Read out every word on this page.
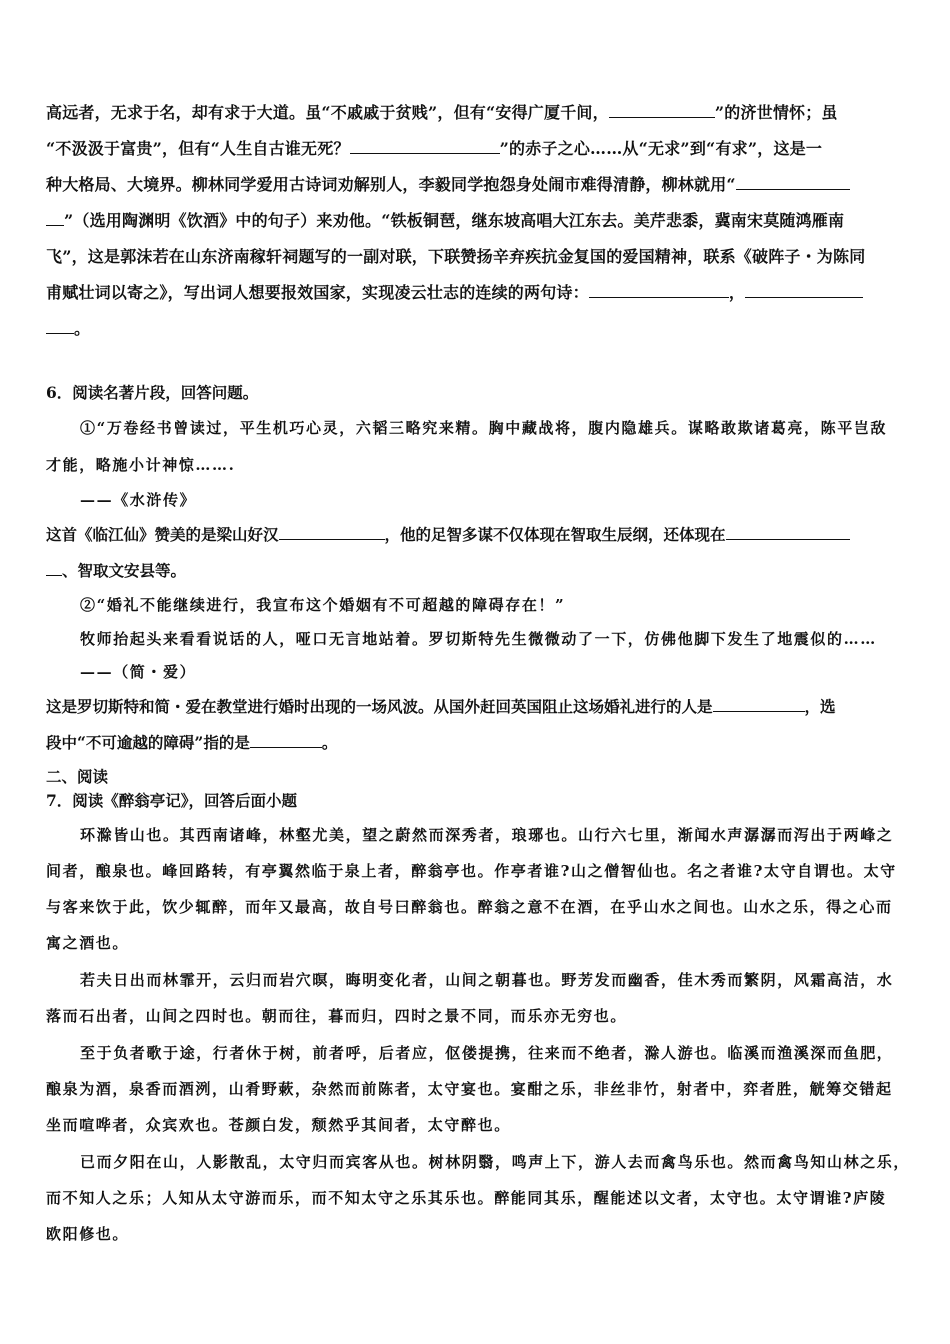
高远者，无求于名，却有求于大道。虽“不戚戚于贫贱”，但有“安得广厦千间，	”的济世情怀；虽
“不汲汲于富贵”，但有“人生自古谁无死？	”的赤子之心……从“无求”到“有求”，这是一
种大格局、大境界。柳林同学爱用古诗词劝解别人，李毅同学抱怨身处闹市难得清静，柳林就用“
”（选用陶渊明《饮酒》中的句子）来劝他。“铁板铜琶，继东坡高唱大江东去。美芹悲黍，冀南宋莫随鸿雁南
飞”，这是郭沫若在山东济南稼轩祠题写的一副对联，下联赞扬辛弃疾抗金复国的爱国精神，联系《破阵子・为陈同
甫赋壮词以寄之》，写出词人想要报效国家，实现凌云壮志的连续的两句诗：	，
。
6．阅读名著片段，回答问题。
①“万卷经书曾读过，平生机巧心灵，六韬三略究来精。胸中藏战将，腹内隐雄兵。谋略敢欺诸葛亮，陈平岂敌
才能，略施小计神惊…….
——《水浒传》
这首《临江仙》赞美的是梁山好汉	，他的足智多谋不仅体现在智取生辰纲，还体现在
、智取文安县等。
②“婚礼不能继续进行，我宣布这个婚姻有不可超越的障碍存在！”
牧师抬起头来看看说话的人，哑口无言地站着。罗切斯特先生微微动了一下，仿佛他脚下发生了地震似的……
——（简・爱）
这是罗切斯特和简・爱在教堂进行婚时出现的一场风波。从国外赶回英国阻止这场婚礼进行的人是	，选
段中“不可逾越的障碍”指的是	。
二、阅读
7．阅读《醉翁亭记》，回答后面小题
环滁皆山也。其西南诸峰，林壑尤美，望之蔚然而深秀者，琅琊也。山行六七里，渐闻水声潺潺而泻出于两峰之
间者，酿泉也。峰回路转，有亭翼然临于泉上者，醉翁亭也。作亭者谁?山之僧智仙也。名之者谁?太守自谓也。太守
与客来饮于此，饮少辄醉，而年又最高，故自号曰醉翁也。醉翁之意不在酒，在乎山水之间也。山水之乐，得之心而
寓之酒也。
若夫日出而林霏开，云归而岩穴暝，晦明变化者，山间之朝暮也。野芳发而幽香，佳木秀而繁阴，风霜高洁，水
落而石出者，山间之四时也。朝而往，暮而归，四时之景不同，而乐亦无穷也。
至于负者歌于途，行者休于树，前者呼，后者应，伛偻提携，往来而不绝者，滁人游也。临溪而渔溪深而鱼肥，
酿泉为酒，泉香而酒洌，山肴野蔌，杂然而前陈者，太守宴也。宴酣之乐，非丝非竹，射者中，弈者胜，觥筹交错起
坐而喧哗者，众宾欢也。苍颜白发，颓然乎其间者，太守醉也。
已而夕阳在山，人影散乱，太守归而宾客从也。树林阴翳，鸣声上下，游人去而禽鸟乐也。然而禽鸟知山林之乐，
而不知人之乐；人知从太守游而乐，而不知太守之乐其乐也。醉能同其乐，醒能述以文者，太守也。太守谓谁?庐陵
欧阳修也。
